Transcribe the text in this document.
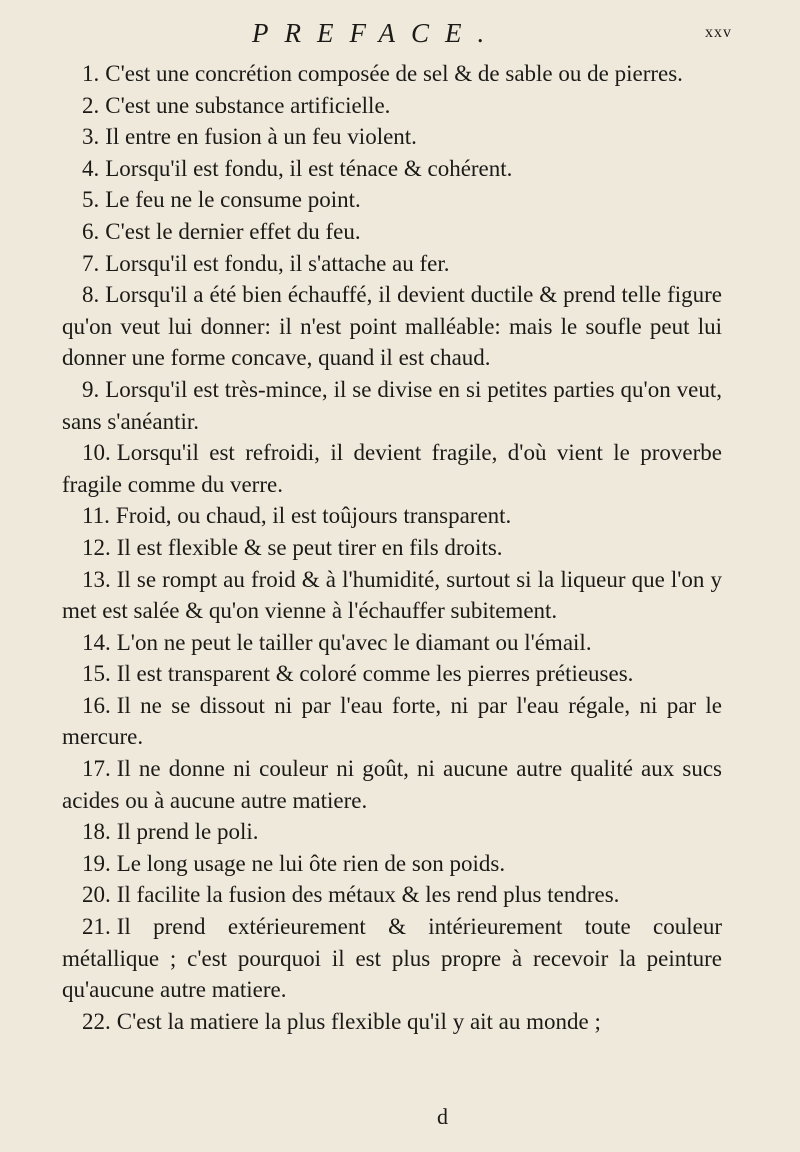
PREFACE.	xxv

1. C'est une concrétion composée de sel & de sable ou de pierres.

2. C'est une substance artificielle.

3. Il entre en fusion à un feu violent.

4. Lorsqu'il est fondu, il est ténace & cohérent.

5. Le feu ne le consume point.

6. C'est le dernier effet du feu.

7. Lorsqu'il est fondu, il s'attache au fer.

8. Lorsqu'il a été bien échauffé, il devient ductile & prend telle figure qu'on veut lui donner: il n'est point malléable: mais le soufle peut lui donner une forme concave, quand il est chaud.

9. Lorsqu'il est très-mince, il se divise en si petites parties qu'on veut, sans s'anéantir.

10. Lorsqu'il est refroidi, il devient fragile, d'où vient le proverbe fragile comme du verre.

11. Froid, ou chaud, il est toûjours transparent.

12. Il est flexible & se peut tirer en fils droits.

13. Il se rompt au froid & à l'humidité, surtout si la liqueur que l'on y met est salée & qu'on vienne à l'échauffer subitement.

14. L'on ne peut le tailler qu'avec le diamant ou l'émail.

15. Il est transparent & coloré comme les pierres prétieuses.

16. Il ne se dissout ni par l'eau forte, ni par l'eau régale, ni par le mercure.

17. Il ne donne ni couleur ni goût, ni aucune autre qualité aux sucs acides ou à aucune autre matiere.

18. Il prend le poli.

19. Le long usage ne lui ôte rien de son poids.

20. Il facilite la fusion des métaux & les rend plus tendres.

21. Il prend extérieurement & intérieurement toute couleur métallique ; c'est pourquoi il est plus propre à recevoir la peinture qu'aucune autre matiere.

22. C'est la matiere la plus flexible qu'il y ait au monde ;

d
